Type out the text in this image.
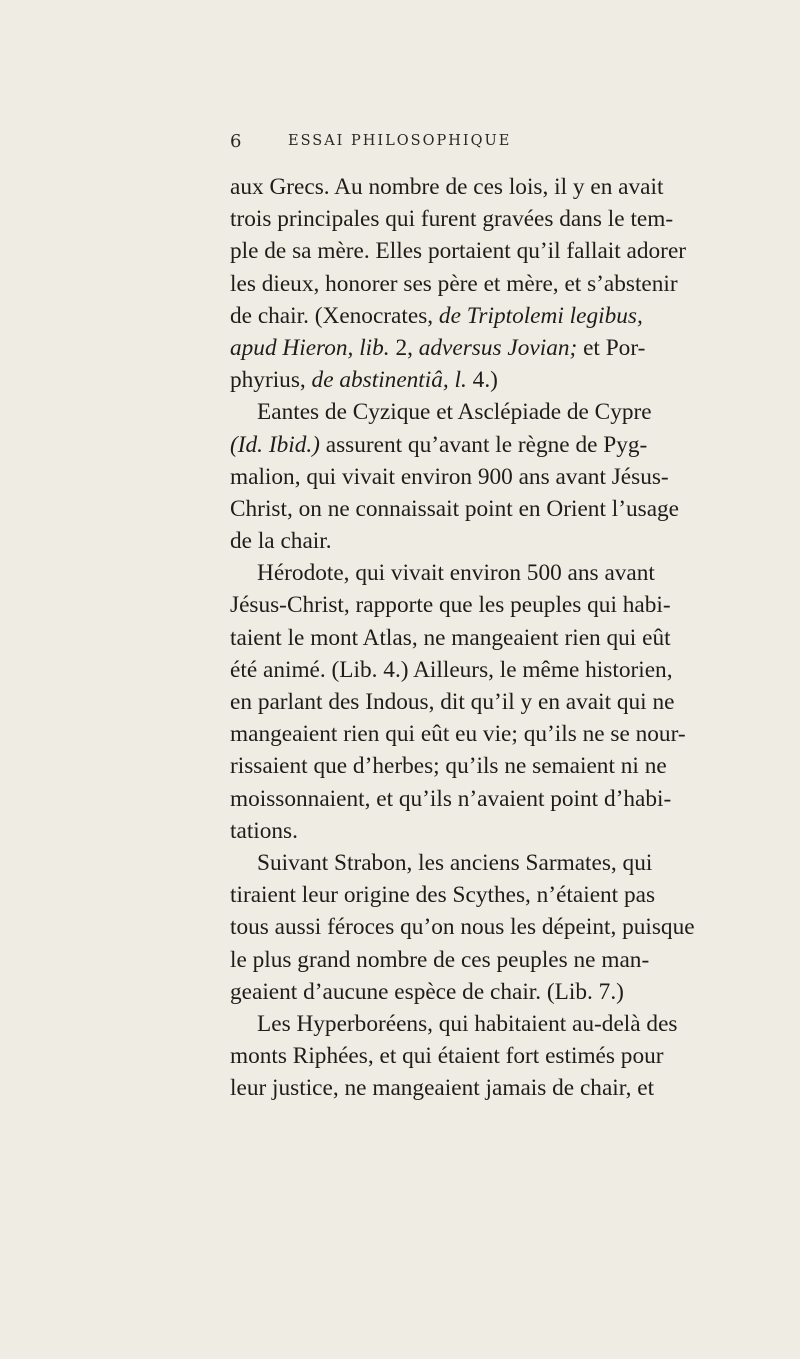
6	ESSAI PHILOSOPHIQUE
aux Grecs. Au nombre de ces lois, il y en avait
trois principales qui furent gravées dans le tem-
ple de sa mère. Elles portaient qu’il fallait adorer
les dieux, honorer ses père et mère, et s’abstenir
de chair. (Xenocrates, de Triptolemi legibus,
apud Hieron, lib. 2, adversus Jovian; et Por-
phyrius, de abstinentiâ, l. 4.)
Eantes de Cyzique et Asclépiade de Cypre
(Id. Ibid.) assurent qu’avant le règne de Pyg-
malion, qui vivait environ 900 ans avant Jésus-
Christ, on ne connaissait point en Orient l’usage
de la chair.
Hérodote, qui vivait environ 500 ans avant
Jésus-Christ, rapporte que les peuples qui habi-
taient le mont Atlas, ne mangeaient rien qui eût
été animé. (Lib. 4.) Ailleurs, le même historien,
en parlant des Indous, dit qu’il y en avait qui ne
mangeaient rien qui eût eu vie; qu’ils ne se nour-
rissaient que d’herbes; qu’ils ne semaient ni ne
moissonnaient, et qu’ils n’avaient point d’habi-
tations.
Suivant Strabon, les anciens Sarmates, qui
tiraient leur origine des Scythes, n’étaient pas
tous aussi féroces qu’on nous les dépeint, puisque
le plus grand nombre de ces peuples ne man-
geaient d’aucune espèce de chair. (Lib. 7.)
Les Hyperboréens, qui habitaient au-delà des
monts Riphées, et qui étaient fort estimés pour
leur justice, ne mangeaient jamais de chair, et
